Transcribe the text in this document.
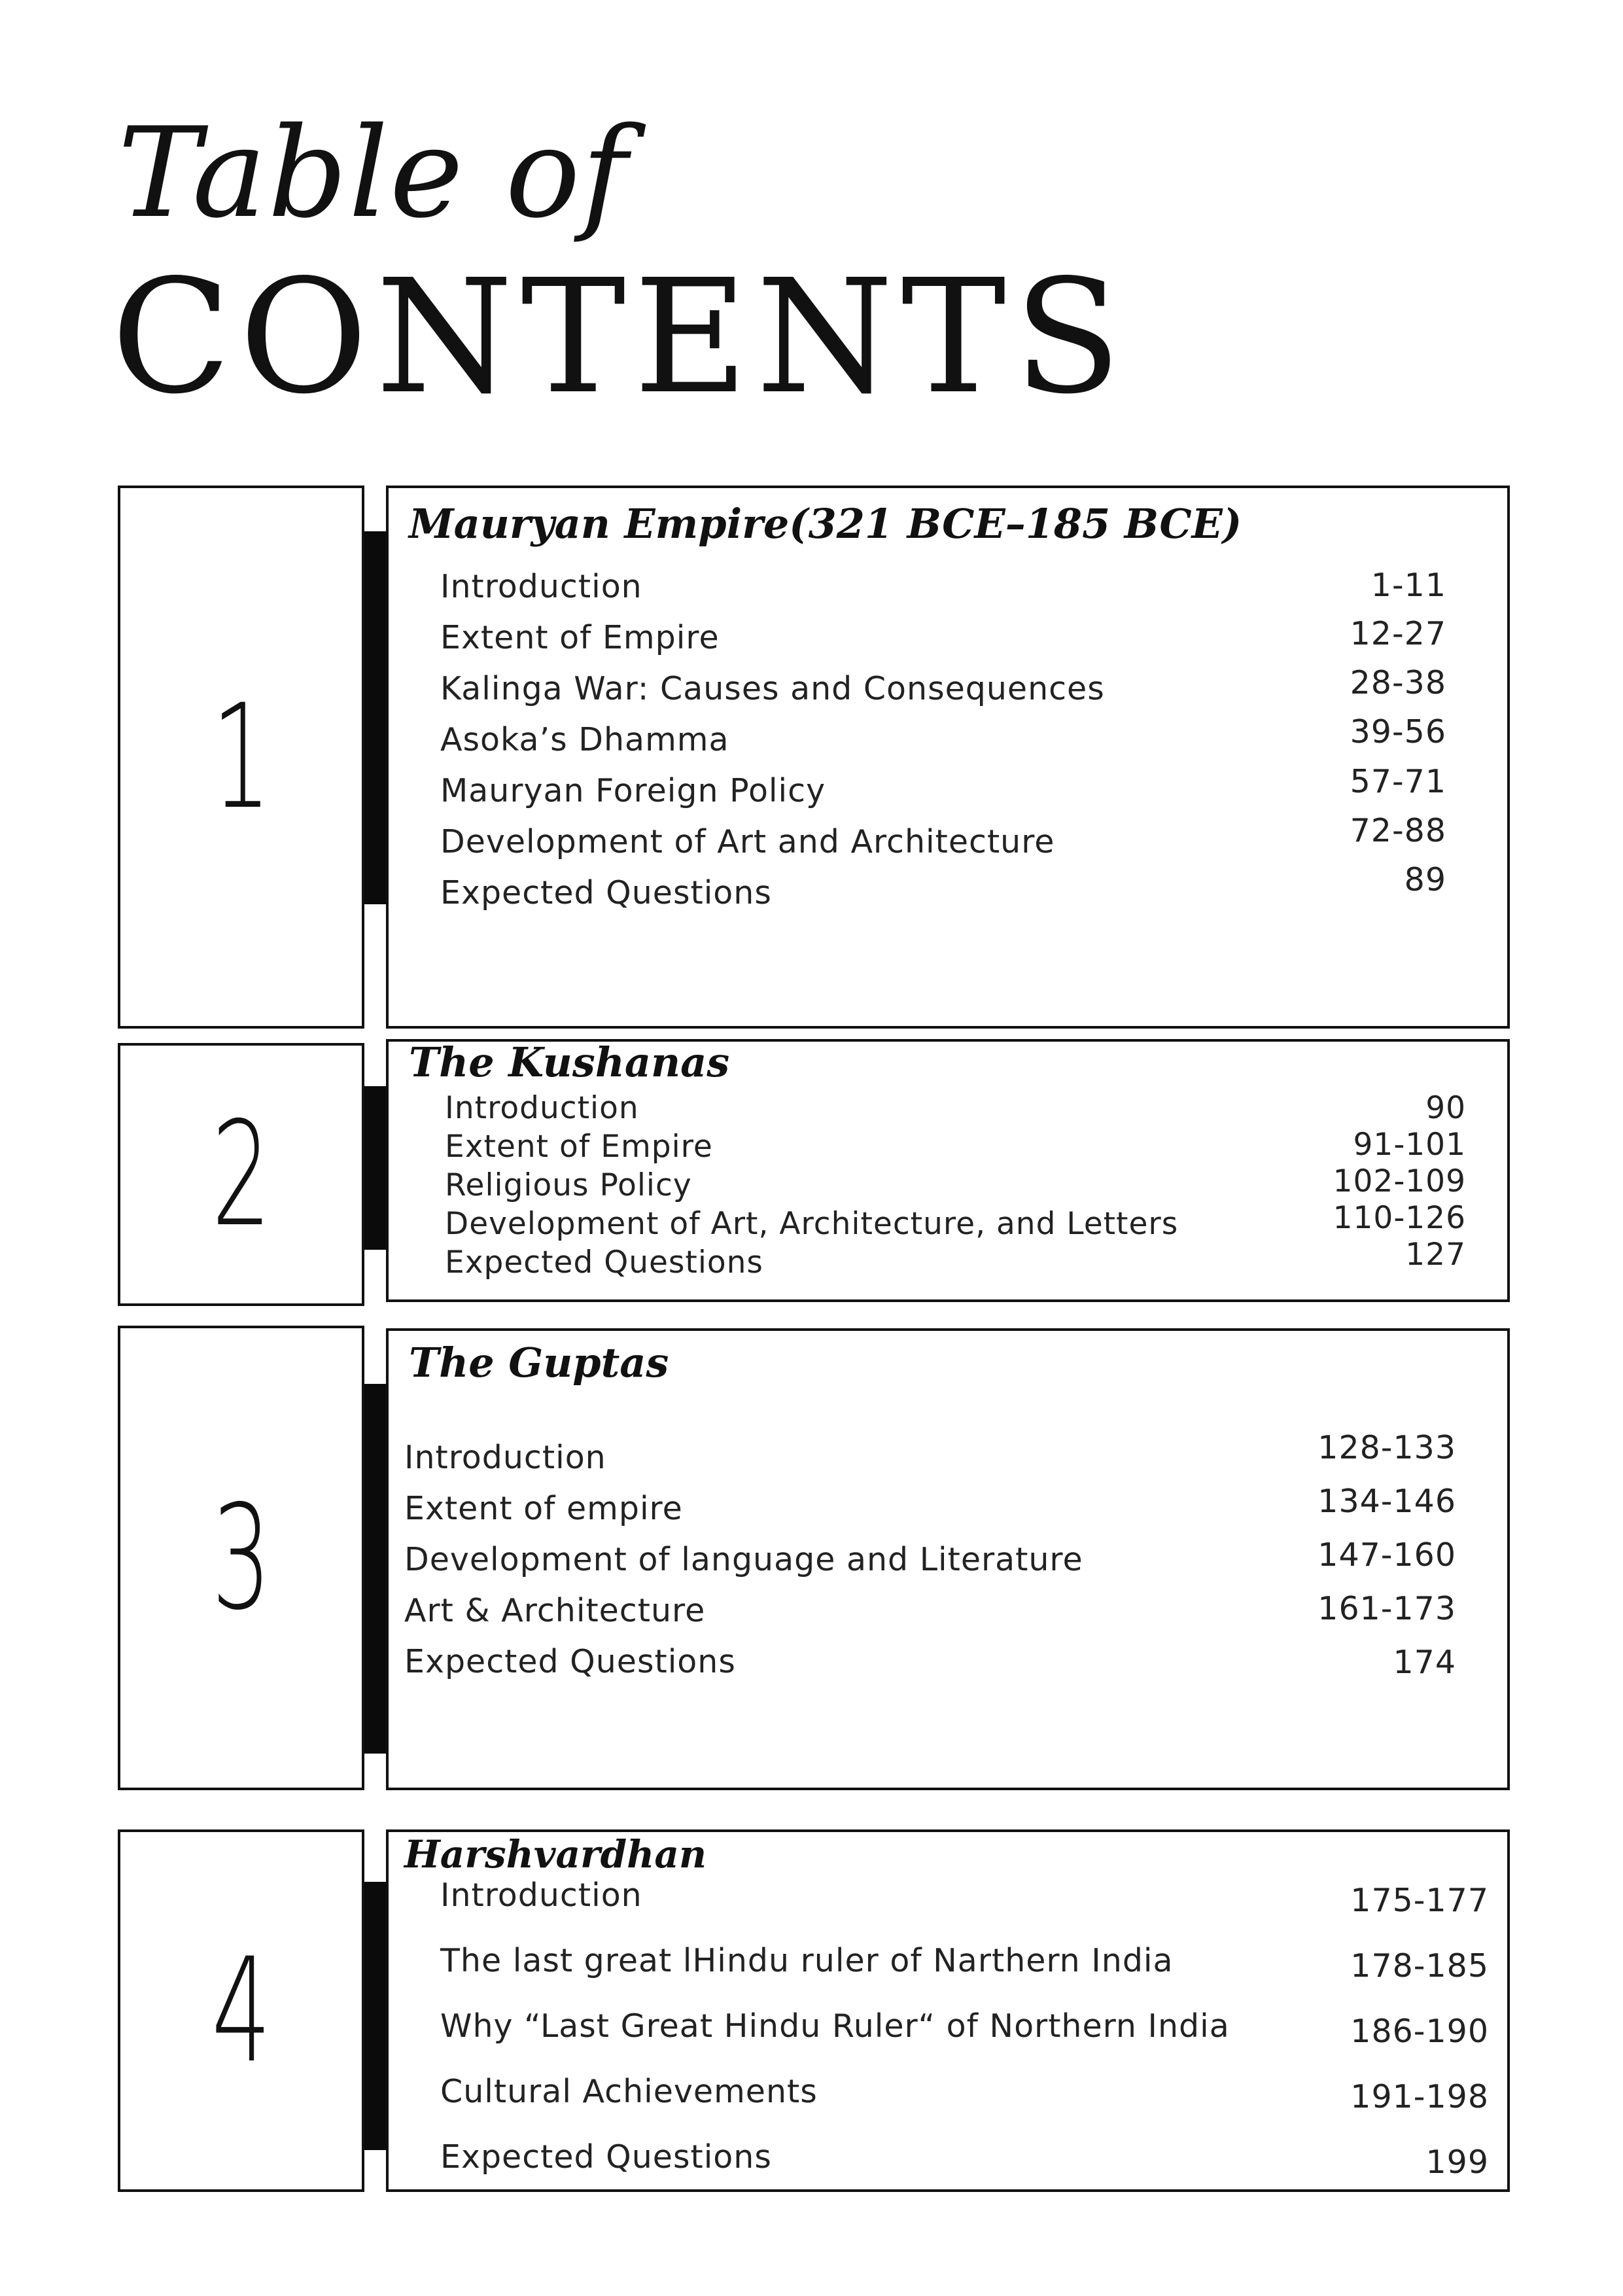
Table of
CONTENTS
1
Mauryan Empire(321 BCE–185 BCE)
Introduction	1-11
Extent of Empire	12-27
Kalinga War: Causes and Consequences	28-38
Asoka’s Dhamma	39-56
Mauryan Foreign Policy	57-71
Development of Art and Architecture	72-88
Expected Questions	89
2
The Kushanas
Introduction	90
Extent of Empire	91-101
Religious Policy	102-109
Development of Art, Architecture, and Letters	110-126
Expected Questions	127
3
The Guptas
Introduction	128-133
Extent of empire	134-146
Development of language and Literature	147-160
Art & Architecture	161-173
Expected Questions	174
4
Harshvardhan
Introduction	175-177
The last great lHindu ruler of Narthern India	178-185
Why “Last Great Hindu Ruler“ of Northern India	186-190
Cultural Achievements	191-198
Expected Questions	199
